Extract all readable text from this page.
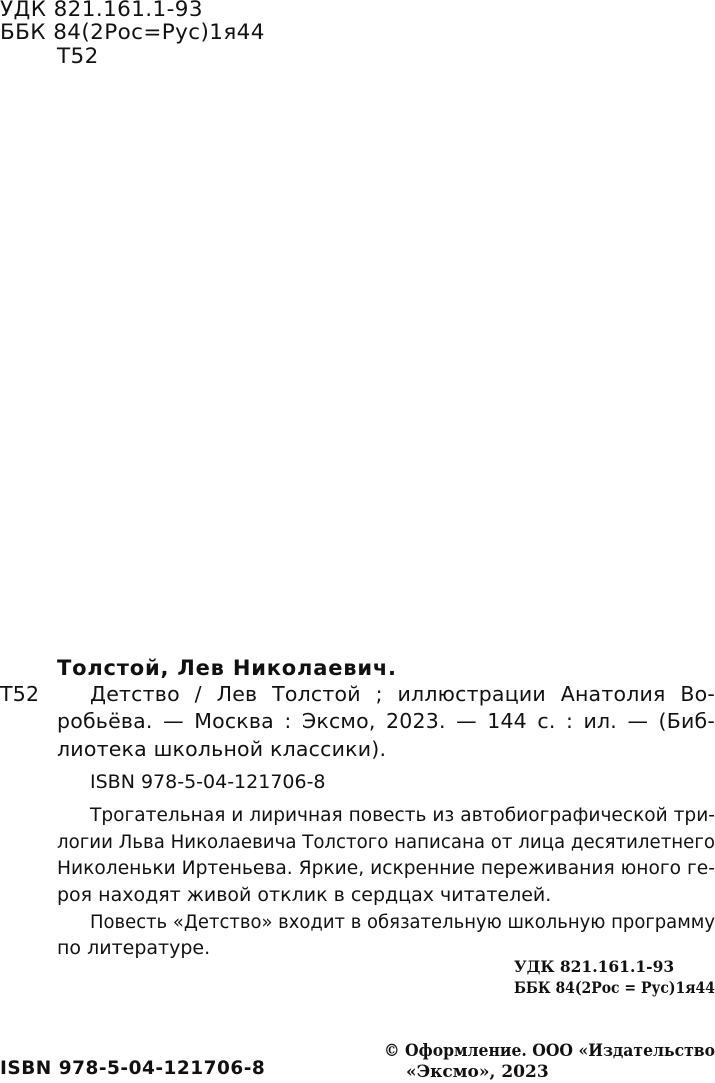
УДК 821.161.1-93
ББК 84(2Рос=Рус)1я44
Т52
Толстой, Лев Николаевич.
Т52 Детство / Лев Толстой ; иллюстрации Анатолия Во-
робьёва. — Москва : Эксмо, 2023. — 144 с. : ил. — (Биб-
лиотека школьной классики).
ISBN 978-5-04-121706-8
Трогательная и лиричная повесть из автобиографической три-
логии Льва Николаевича Толстого написана от лица десятилетнего
Николеньки Иртеньева. Яркие, искренние переживания юного ге-
роя находят живой отклик в сердцах читателей.
Повесть «Детство» входит в обязательную школьную программу
по литературе.
УДК 821.161.1-93
ББК 84(2Рос = Рус)1я44
ISBN 978-5-04-121706-8
© Оформление. ООО «Издательство
«Эксмо», 2023
